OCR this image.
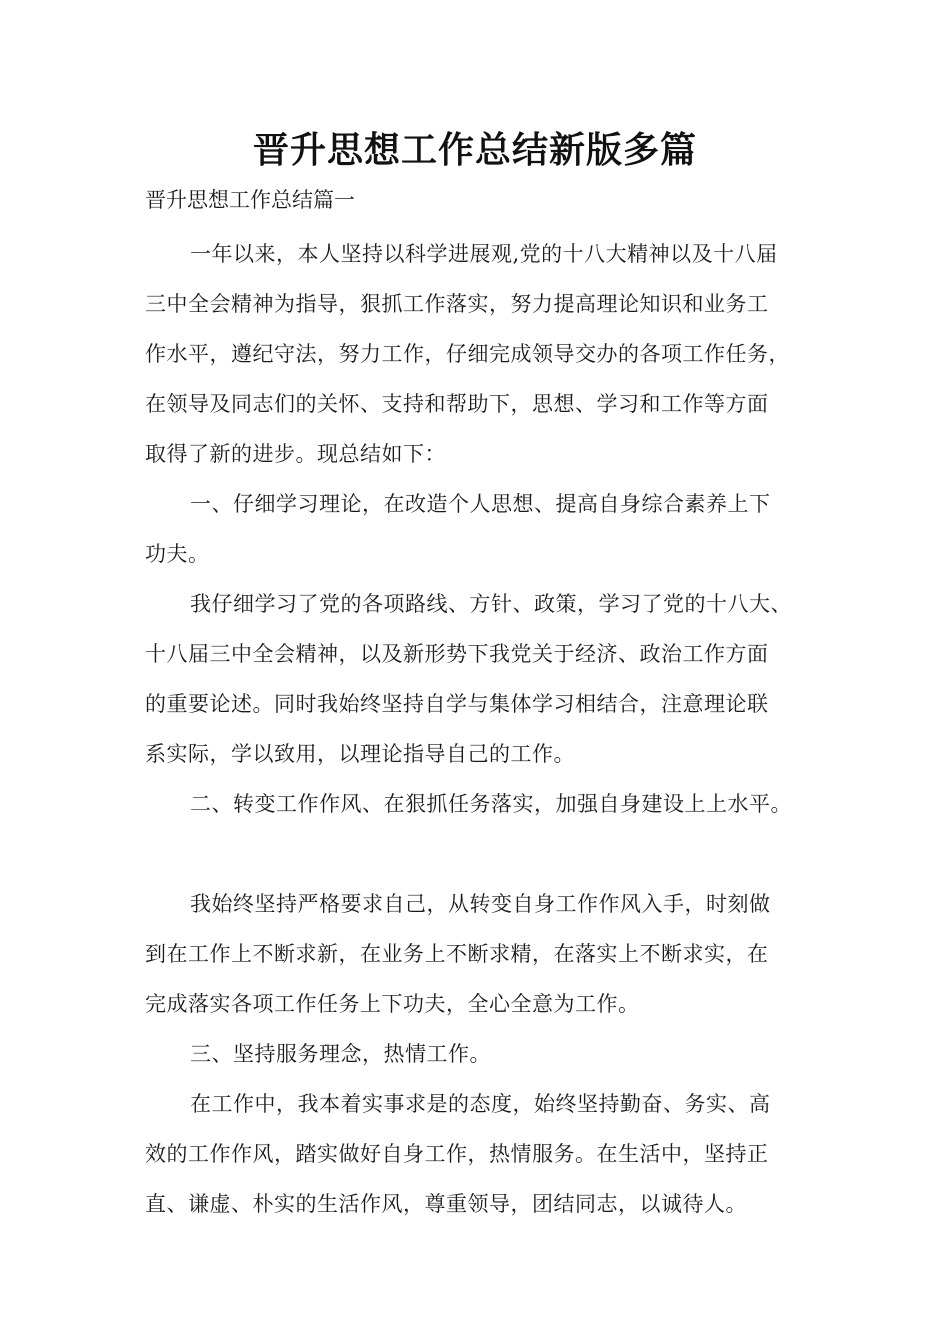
晋升思想工作总结新版多篇
晋升思想工作总结篇一
一年以来，本人坚持以科学进展观,党的十八大精神以及十八届
三中全会精神为指导，狠抓工作落实，努力提高理论知识和业务工
作水平，遵纪守法，努力工作，仔细完成领导交办的各项工作任务，
在领导及同志们的关怀、支持和帮助下，思想、学习和工作等方面
取得了新的进步。现总结如下：
一、仔细学习理论，在改造个人思想、提高自身综合素养上下
功夫。
我仔细学习了党的各项路线、方针、政策，学习了党的十八大、
十八届三中全会精神，以及新形势下我党关于经济、政治工作方面
的重要论述。同时我始终坚持自学与集体学习相结合，注意理论联
系实际，学以致用，以理论指导自己的工作。
二、转变工作作风、在狠抓任务落实，加强自身建设上上水平。
我始终坚持严格要求自己，从转变自身工作作风入手，时刻做
到在工作上不断求新，在业务上不断求精，在落实上不断求实，在
完成落实各项工作任务上下功夫，全心全意为工作。
三、坚持服务理念，热情工作。
在工作中，我本着实事求是的态度，始终坚持勤奋、务实、高
效的工作作风，踏实做好自身工作，热情服务。在生活中，坚持正
直、谦虚、朴实的生活作风，尊重领导，团结同志，以诚待人。
